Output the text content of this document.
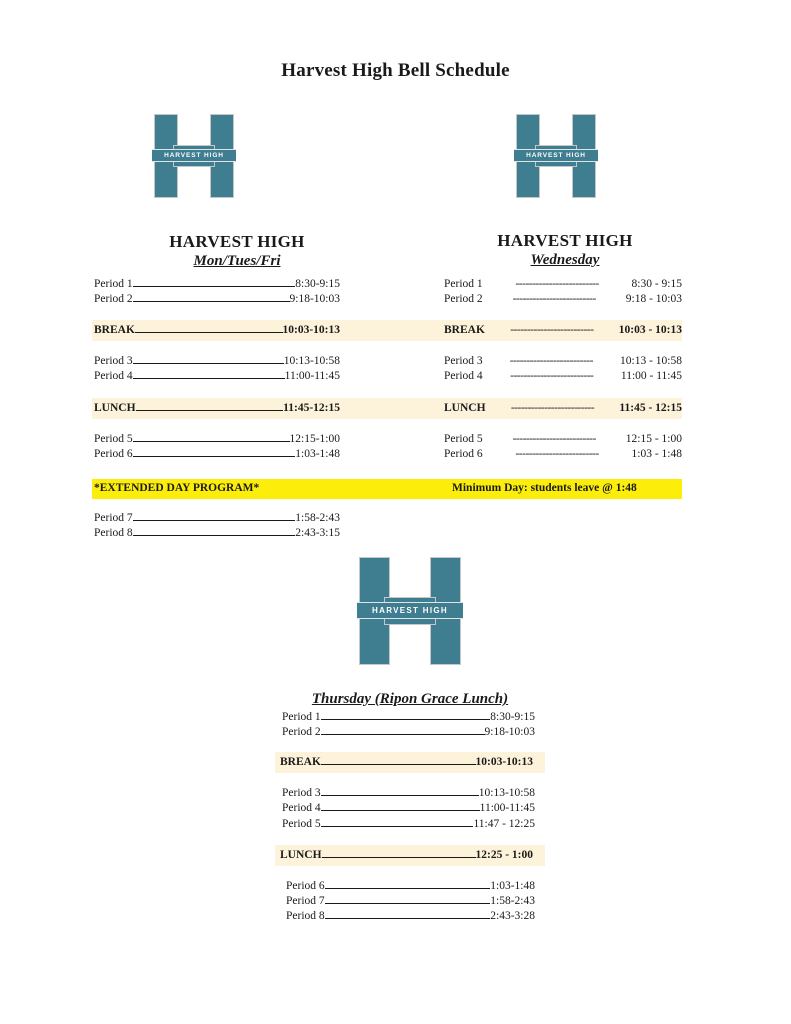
Harvest High Bell Schedule
HARVEST HIGH	HARVEST HIGH
HARVEST HIGH
HARVEST HIGH
Mon/Tues/Fri
Period 1	8:30-9:15
Period 2	9:18-10:03
BREAK	10:03-10:13
Period 3	10:13-10:58
Period 4	11:00-11:45
LUNCH	11:45-12:15
Period 5	12:15-1:00
Period 6	1:03-1:48
*EXTENDED DAY PROGRAM*
Period 7	1:58-2:43
Period 8	2:43-3:15
HARVEST HIGH
Wednesday
Period 1	-------------------------	8:30 - 9:15
Period 2	-------------------------	9:18 - 10:03
BREAK	-------------------------	10:03 - 10:13
Period 3	-------------------------	10:13 - 10:58
Period 4	-------------------------	11:00 - 11:45
LUNCH	-------------------------	11:45 - 12:15
Period 5	-------------------------	12:15 - 1:00
Period 6	-------------------------	1:03 - 1:48
Minimum Day: students leave @ 1:48
Thursday (Ripon Grace Lunch)
Period 1	8:30-9:15
Period 2	9:18-10:03
BREAK	10:03-10:13
Period 3	10:13-10:58
Period 4	11:00-11:45
Period 5	11:47 - 12:25
LUNCH	12:25 - 1:00
Period 6	1:03-1:48
Period 7	1:58-2:43
Period 8	2:43-3:28
